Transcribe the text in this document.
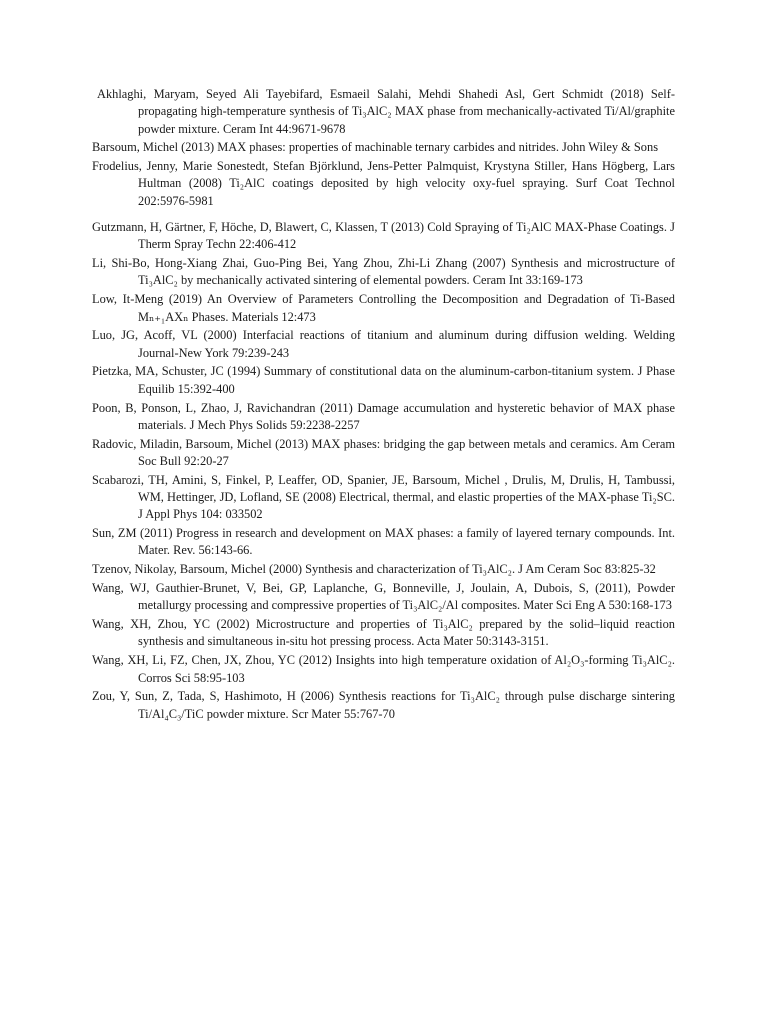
Akhlaghi, Maryam, Seyed Ali Tayebifard, Esmaeil Salahi, Mehdi Shahedi Asl, Gert Schmidt (2018) Self-propagating high-temperature synthesis of Ti₃AlC₂ MAX phase from mechanically-activated Ti/Al/graphite powder mixture. Ceram Int 44:9671-9678

Barsoum, Michel (2013) MAX phases: properties of machinable ternary carbides and nitrides. John Wiley & Sons

Frodelius, Jenny, Marie Sonestedt, Stefan Björklund, Jens-Petter Palmquist, Krystyna Stiller, Hans Högberg, Lars Hultman (2008) Ti₂AlC coatings deposited by high velocity oxy-fuel spraying. Surf Coat Technol 202:5976-5981

Gutzmann, H, Gärtner, F, Höche, D, Blawert, C, Klassen, T (2013) Cold Spraying of Ti₂AlC MAX-Phase Coatings. J Therm Spray Techn 22:406-412

Li, Shi-Bo, Hong-Xiang Zhai, Guo-Ping Bei, Yang Zhou, Zhi-Li Zhang (2007) Synthesis and microstructure of Ti₃AlC₂ by mechanically activated sintering of elemental powders. Ceram Int 33:169-173

Low, It-Meng (2019) An Overview of Parameters Controlling the Decomposition and Degradation of Ti-Based Mₙ₊₁AXₙ Phases. Materials 12:473

Luo, JG, Acoff, VL (2000) Interfacial reactions of titanium and aluminum during diffusion welding. Welding Journal-New York 79:239-243

Pietzka, MA, Schuster, JC (1994) Summary of constitutional data on the aluminum-carbon-titanium system. J Phase Equilib 15:392-400

Poon, B, Ponson, L, Zhao, J, Ravichandran (2011) Damage accumulation and hysteretic behavior of MAX phase materials. J Mech Phys Solids 59:2238-2257

Radovic, Miladin, Barsoum, Michel (2013) MAX phases: bridging the gap between metals and ceramics. Am Ceram Soc Bull 92:20-27

Scabarozi, TH, Amini, S, Finkel, P, Leaffer, OD, Spanier, JE, Barsoum, Michel , Drulis, M, Drulis, H, Tambussi, WM, Hettinger, JD, Lofland, SE (2008) Electrical, thermal, and elastic properties of the MAX-phase Ti₂SC. J Appl Phys 104: 033502

Sun, ZM (2011) Progress in research and development on MAX phases: a family of layered ternary compounds. Int. Mater. Rev. 56:143-66.

Tzenov, Nikolay, Barsoum, Michel (2000) Synthesis and characterization of Ti₃AlC₂. J Am Ceram Soc 83:825-32

Wang, WJ, Gauthier-Brunet, V, Bei, GP, Laplanche, G, Bonneville, J, Joulain, A, Dubois, S, (2011), Powder metallurgy processing and compressive properties of Ti₃AlC₂/Al composites. Mater Sci Eng A 530:168-173

Wang, XH, Zhou, YC (2002) Microstructure and properties of Ti₃AlC₂ prepared by the solid–liquid reaction synthesis and simultaneous in-situ hot pressing process. Acta Mater 50:3143-3151.

Wang, XH, Li, FZ, Chen, JX, Zhou, YC (2012) Insights into high temperature oxidation of Al₂O₃-forming Ti₃AlC₂. Corros Sci 58:95-103

Zou, Y, Sun, Z, Tada, S, Hashimoto, H (2006) Synthesis reactions for Ti₃AlC₂ through pulse discharge sintering Ti/Al₄C₃/TiC powder mixture. Scr Mater 55:767-70
